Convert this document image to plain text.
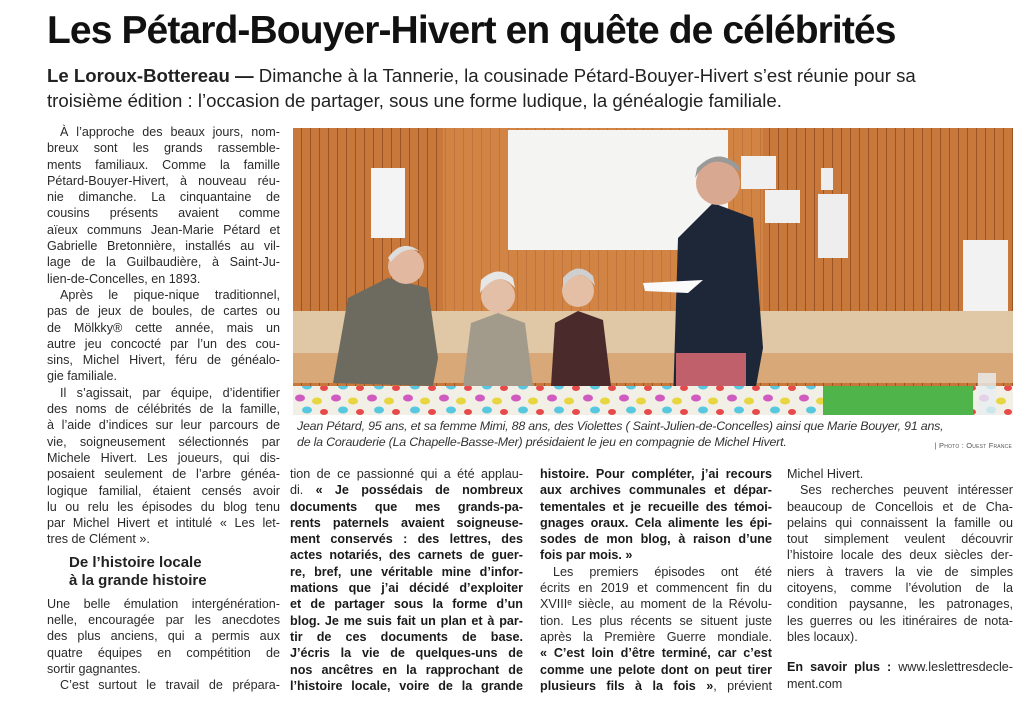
Les Pétard-Bouyer-Hivert en quête de célébrités
Le Loroux-Bottereau — Dimanche à la Tannerie, la cousinade Pétard-Bouyer-Hivert s’est réunie pour sa troisième édition : l’occasion de partager, sous une forme ludique, la généalogie familiale.
À l’approche des beaux jours, nom-
breux sont les grands rassemble-
ments familiaux. Comme la famille
Pétard-Bouyer-Hivert, à nouveau réu-
nie dimanche. La cinquantaine de
cousins présents avaient comme
aïeux communs Jean-Marie Pétard et
Gabrielle Bretonnière, installés au vil-
lage de la Guilbaudière, à Saint-Ju-
lien-de-Concelles, en 1893.
Après le pique-nique traditionnel,
pas de jeux de boules, de cartes ou
de Mölkky® cette année, mais un
autre jeu concocté par l’un des cou-
sins, Michel Hivert, féru de généalo-
gie familiale.
Il s’agissait, par équipe, d’identifier
des noms de célébrités de la famille,
à l’aide d’indices sur leur parcours de
vie, soigneusement sélectionnés par
Michele Hivert. Les joueurs, qui dis-
posaient seulement de l’arbre généa-
logique familial, étaient censés avoir
lu ou relu les épisodes du blog tenu
par Michel Hivert et intitulé « Les let-
tres de Clément ».
De l’histoire locale
à la grande histoire
Une belle émulation intergénération-
nelle, encouragée par les anecdotes
des plus anciens, qui a permis aux
quatre équipes en compétition de
sortir gagnantes.
C’est surtout le travail de prépara-
Jean Pétard, 95 ans, et sa femme Mimi, 88 ans, des Violettes ( Saint-Julien-de-Concelles) ainsi que Marie Bouyer, 91 ans,
de la Corauderie (La Chapelle-Basse-Mer) présidaient le jeu en compagnie de Michel Hivert.	| Photo : Ouest France
tion de ce passionné qui a été applau-
di. « Je possédais de nombreux
documents que mes grands-pa-
rents paternels avaient soigneuse-
ment conservés : des lettres, des
actes notariés, des carnets de guer-
re, bref, une véritable mine d’infor-
mations que j’ai décidé d’exploiter
et de partager sous la forme d’un
blog. Je me suis fait un plan et à par-
tir de ces documents de base.
J’écris la vie de quelques-uns de
nos ancêtres en la rapprochant de
l’histoire locale, voire de la grande
histoire. Pour compléter, j’ai recours
aux archives communales et dépar-
tementales et je recueille des témoi-
gnages oraux. Cela alimente les épi-
sodes de mon blog, à raison d’une
fois par mois. »
Les premiers épisodes ont été
écrits en 2019 et commencent fin du
XVIIIᵉ siècle, au moment de la Révolu-
tion. Les plus récents se situent juste
après la Première Guerre mondiale.
« C’est loin d’être terminé, car c’est
comme une pelote dont on peut tirer
plusieurs fils à la fois », prévient
Michel Hivert.
Ses recherches peuvent intéresser
beaucoup de Concellois et de Cha-
pelains qui connaissent la famille ou
tout simplement veulent découvrir
l’histoire locale des deux siècles der-
niers à travers la vie de simples
citoyens, comme l’évolution de la
condition paysanne, les patronages,
les guerres ou les itinéraires de nota-
bles locaux).
En savoir plus : www.leslettresdecle-
ment.com
